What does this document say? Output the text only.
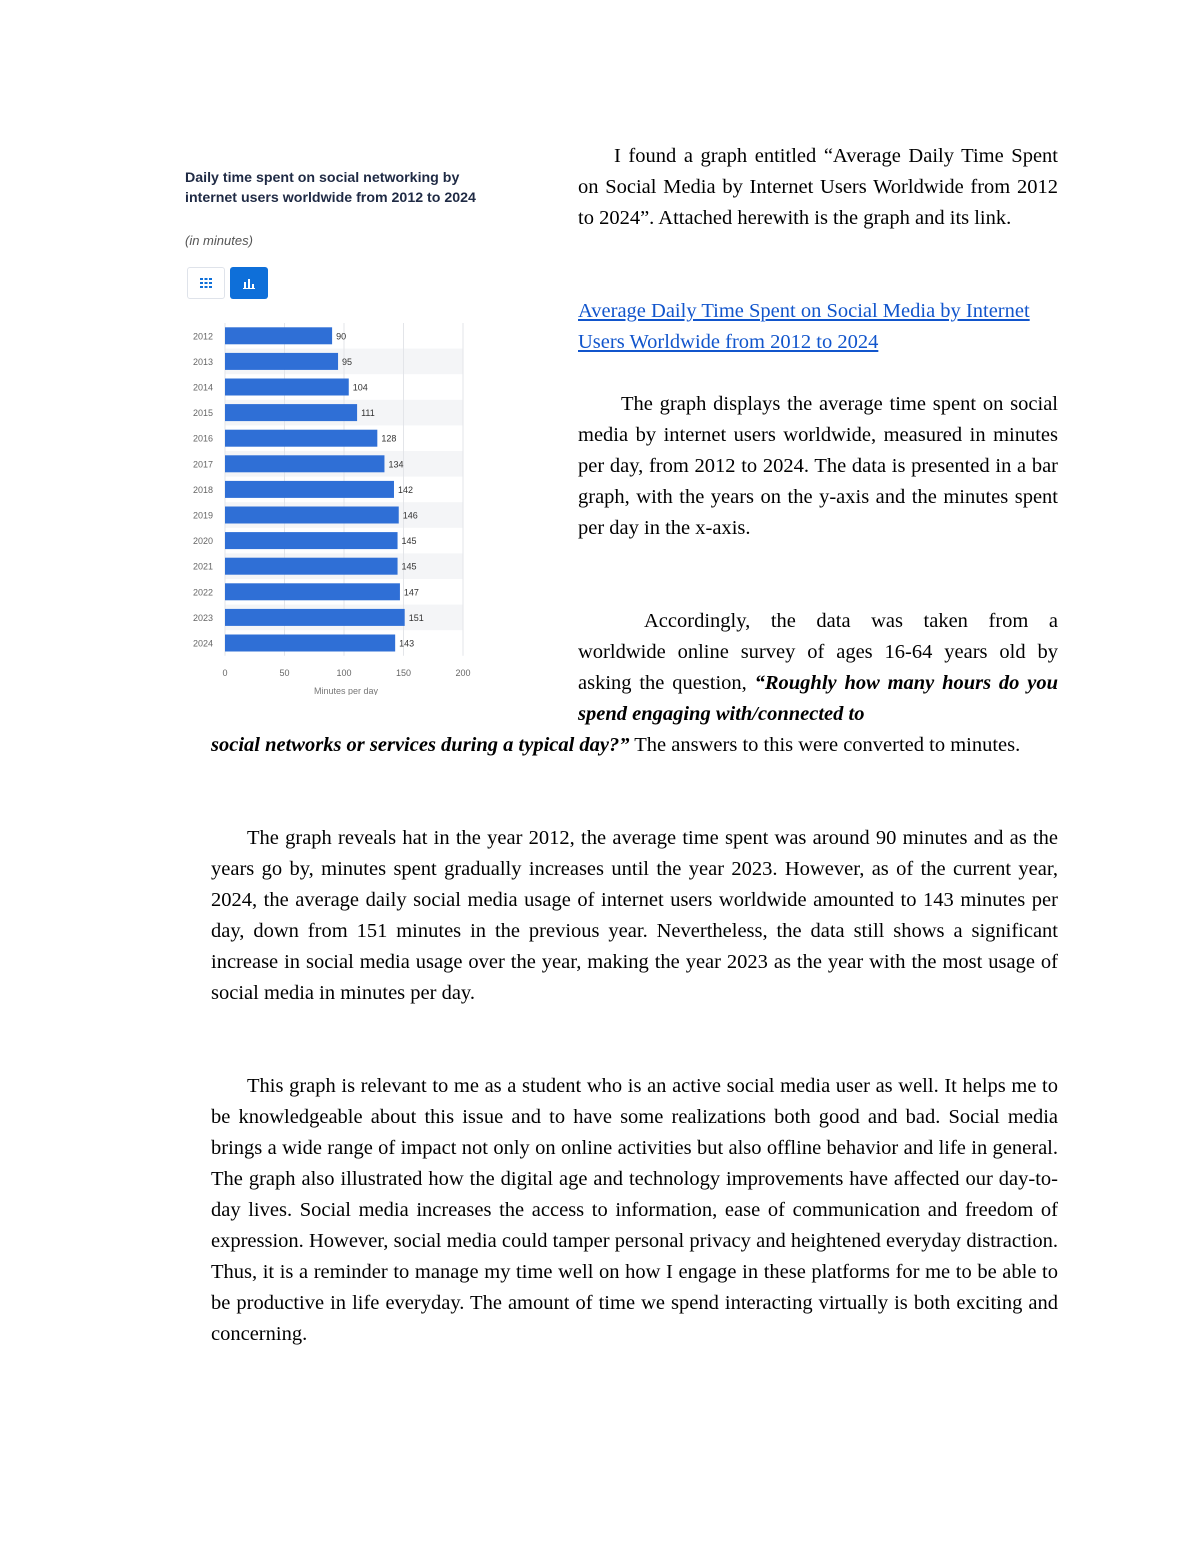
Daily time spent on social networking by internet users worldwide from 2012 to 2024
(in minutes)
2012	90
2013	95
2014	104
2015	111
2016	128
2017	134
2018	142
2019	146
2020	145
2021	145
2022	147
2023	151
2024	143
0	50	100	150	200
Minutes per day

I found a graph entitled “Average Daily Time Spent on Social Media by Internet Users Worldwide from 2012 to 2024”. Attached herewith is the graph and its link.

Average Daily Time Spent on Social Media by Internet Users Worldwide from 2012 to 2024

The graph displays the average time spent on social media by internet users worldwide, measured in minutes per day, from 2012 to 2024. The data is presented in a bar graph, with the years on the y-axis and the minutes spent per day in the x-axis.

Accordingly, the data was taken from a worldwide online survey of ages 16-64 years old by asking the question, “Roughly how many hours do you spend engaging with/connected to

social networks or services during a typical day?” The answers to this were converted to minutes.

The graph reveals hat in the year 2012, the average time spent was around 90 minutes and as the years go by, minutes spent gradually increases until the year 2023. However, as of the current year, 2024, the average daily social media usage of internet users worldwide amounted to 143 minutes per day, down from 151 minutes in the previous year. Nevertheless, the data still shows a significant increase in social media usage over the year, making the year 2023 as the year with the most usage of social media in minutes per day.

This graph is relevant to me as a student who is an active social media user as well. It helps me to be knowledgeable about this issue and to have some realizations both good and bad. Social media brings a wide range of impact not only on online activities but also offline behavior and life in general. The graph also illustrated how the digital age and technology improvements have affected our day-to-day lives. Social media increases the access to information, ease of communication and freedom of expression. However, social media could tamper personal privacy and heightened everyday distraction. Thus, it is a reminder to manage my time well on how I engage in these platforms for me to be able to be productive in life everyday. The amount of time we spend interacting virtually is both exciting and concerning.
